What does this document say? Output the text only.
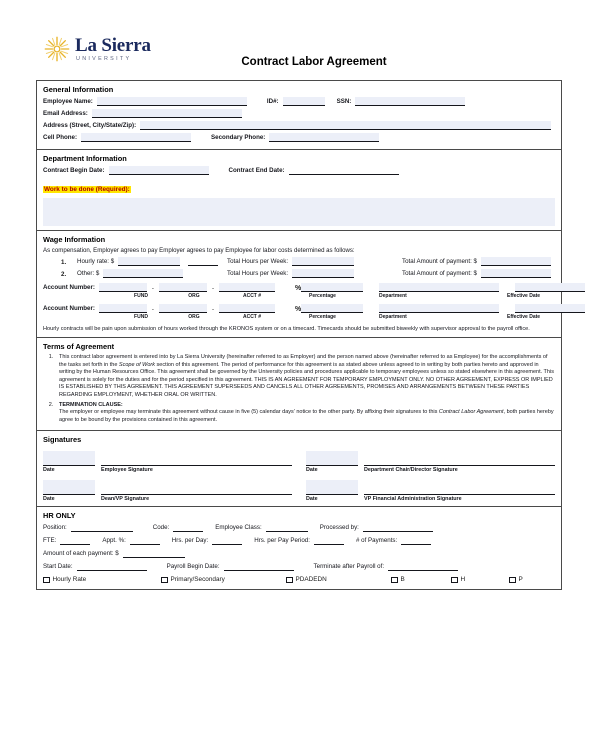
La Sierra
UNIVERSITY	Contract Labor Agreement
General Information
Employee Name:	ID#:	SSN:
Email Address:
Address (Street, City/State/Zip):
Cell Phone:	Secondary Phone:
Department Information
Contract Begin Date:	Contract End Date:
Work to be done (Required):
Wage Information
As compensation, Employer agrees to pay Employer agrees to pay Employee for labor costs determined as follows:
1.	Hourly rate: $	Total Hours per Week:	Total Amount of payment: $
2.	Other: $	Total Hours per Week:	Total Amount of payment: $
Account Number:	-	-	%
FUND	ORG	ACCT #	Percentage	Department	Effective Date
Account Number:	-	-	%
FUND	ORG	ACCT #	Percentage	Department	Effective Date
Hourly contracts will be pain upon submission of hours worked through the KRONOS system or on a timecard. Timecards should be submitted biweekly with supervisor approval to the payroll office.
Terms of Agreement
1.	This contract labor agreement is entered into by La Sierra University (hereinafter referred to as Employer) and the person named above (hereinafter referred to as Employee) for the accomplishments of the tasks set forth in the Scope of Work section of this agreement. The period of performance for this agreement is as stated above unless agreed to in writing by both parties hereto and approved in writing by the Human Resources Office. This agreement shall be governed by the University policies and procedures applicable to temporary employees unless so stated elsewhere in this agreement. This agreement is solely for the duties and for the period specified in this agreement. THIS IS AN AGREEMENT FOR TEMPORARY EMPLOYMENT ONLY. NO OTHER AGREEMENT, EXPRESS OR IMPLIED IS ESTABLISHED BY THIS AGREEMENT. THIS AGREEMENT SUPERSEEDS AND CANCELS ALL OTHER AGREEMENTS, PROMISES AND ARRANGEMENTS BETWEEN THESE PARTIES REGARDING EMPLOYMENT, WHETHER ORAL OR WRITTEN.
2.	TERMINATION CLAUSE:
The employer or employee may terminate this agreement without cause in five (5) calendar days’ notice to the other party. By affixing their signatures to this Contract Labor Agreement, both parties hereby agree to be bound by the provisions contained in this agreement.
Signatures
Date	Employee Signature	Date	Department Chair/Director Signature
Date	Dean/VP Signature	Date	VP Financial Administration Signature
HR ONLY
Position:	Code:	Employee Class:	Processed by:
FTE:	Appt. %:	Hrs. per Day:	Hrs. per Pay Period:	# of Payments:
Amount of each payment: $
Start Date:	Payroll Begin Date:	Terminate after Payroll of:
Hourly Rate	Primary/Secondary	PDADEDN	B	H	P
